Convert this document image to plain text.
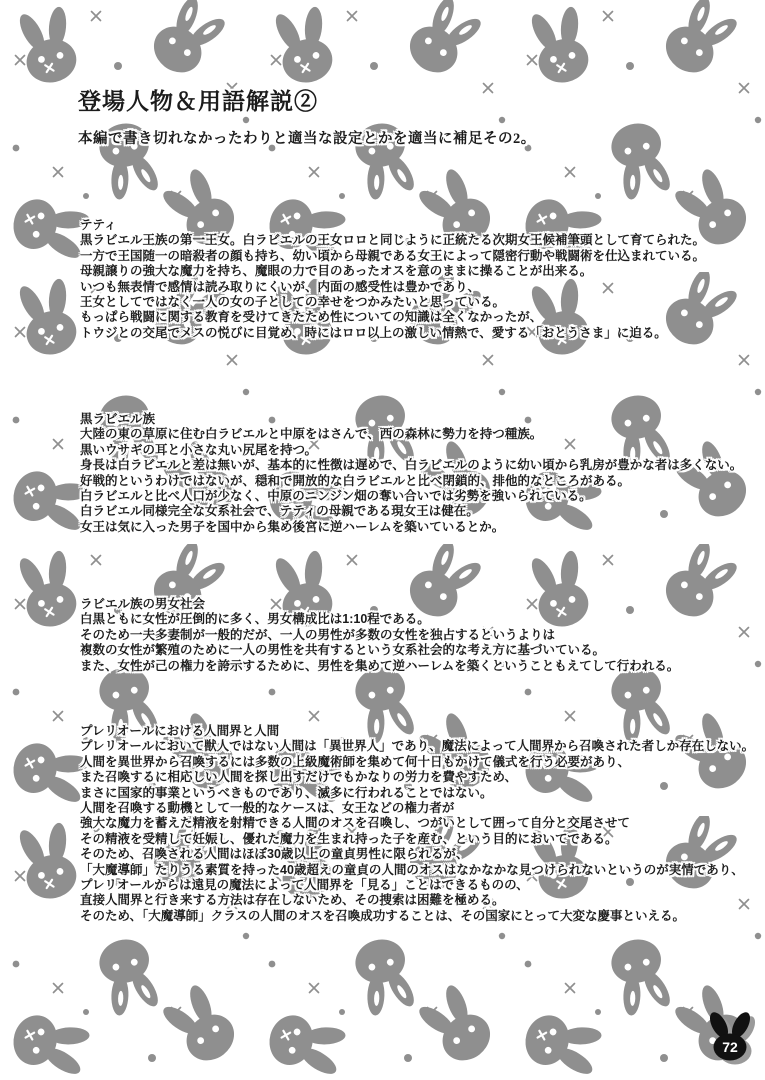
登場人物＆用語解説②

本編で書き切れなかったわりと適当な設定とかを適当に補足その2。

テティ
黒ラビエル王族の第一王女。白ラビエルの王女ロロと同じように正統たる次期女王候補筆頭として育てられた。
一方で王国随一の暗殺者の顔も持ち、幼い頃から母親である女王によって隠密行動や戦闘術を仕込まれている。
母親譲りの強大な魔力を持ち、魔眼の力で目のあったオスを意のままに操ることが出来る。
いつも無表情で感情は読み取りにくいが、内面の感受性は豊かであり、
王女としてではなく一人の女の子としての幸せをつかみたいと思っている。
もっぱら戦闘に関する教育を受けてきたため性についての知識は全くなかったが、
トウジとの交尾でメスの悦びに目覚め、時にはロロ以上の激しい情熱で、愛する「おとうさま」に迫る。
黒ラビエル族
大陸の東の草原に住む白ラビエルと中原をはさんで、西の森林に勢力を持つ種族。
黒いウサギの耳と小さな丸い尻尾を持つ。
身長は白ラビエルと差は無いが、基本的に性徴は遅めで、白ラビエルのように幼い頃から乳房が豊かな者は多くない。
好戦的というわけではないが、穏和で開放的な白ラビエルと比べ閉鎖的、排他的なところがある。
白ラビエルと比べ人口が少なく、中原のニンジン畑の奪い合いでは劣勢を強いられている。
白ラビエル同様完全な女系社会で、テティの母親である現女王は健在。
女王は気に入った男子を国中から集め後宮に逆ハーレムを築いているとか。
ラビエル族の男女社会
白黒ともに女性が圧倒的に多く、男女構成比は1:10程である。
そのため一夫多妻制が一般的だが、一人の男性が多数の女性を独占するというよりは
複数の女性が繁殖のために一人の男性を共有するという女系社会的な考え方に基づいている。
また、女性が己の権力を誇示するために、男性を集めて逆ハーレムを築くということもえてして行われる。
プレリオールにおける人間界と人間
プレリオールにおいて獣人ではない人間は「異世界人」であり、魔法によって人間界から召喚された者しか存在しない。
人間を異世界から召喚するには多数の上級魔術師を集めて何十日もかけて儀式を行う必要があり、
また召喚するに相応しい人間を探し出すだけでもかなりの労力を費やすため、
まさに国家的事業というべきものであり、滅多に行われることではない。
人間を召喚する動機として一般的なケースは、女王などの権力者が
強大な魔力を蓄えた精液を射精できる人間のオスを召喚し、つがいとして囲って自分と交尾させて
その精液を受精して妊娠し、優れた魔力を生まれ持った子を産む、という目的においてである。
そのため、召喚される人間はほぼ30歳以上の童貞男性に限られるが、
「大魔導師」たりうる素質を持った40歳超えの童貞の人間のオスはなかなかな見つけられないというのが実情であり、
プレリオールからは遠見の魔法によって人間界を「見る」ことはできるものの、
直接人間界と行き来する方法は存在しないため、その捜索は困難を極める。
そのため、「大魔導師」クラスの人間のオスを召喚成功することは、その国家にとって大変な慶事といえる。
72
